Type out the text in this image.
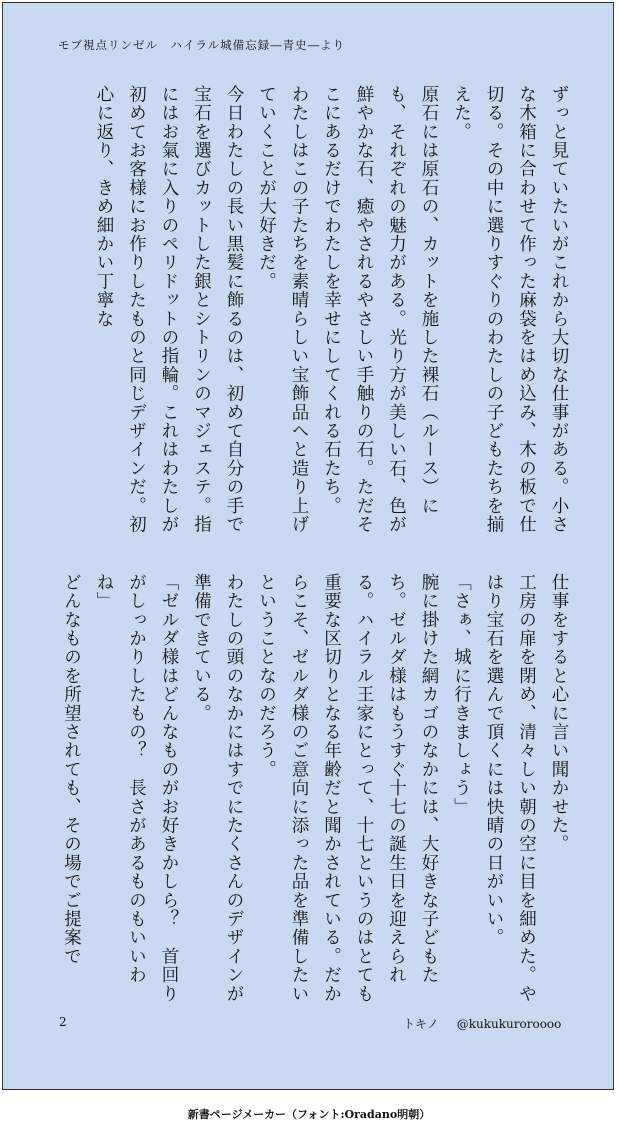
モブ視点リンゼル　ハイラル城備忘録―青史―より

ずっと見ていたいがこれから大切な仕事がある。小さな木箱に合わせて作った麻袋をはめ込み、木の板で仕切る。その中に選りすぐりのわたしの子どもたちを揃えた。

原石には原石の、カットを施した裸石（ルース）にも、それぞれの魅力がある。光り方が美しい石、色が鮮やかな石、癒やされるやさしい手触りの石。ただそこにあるだけでわたしを幸せにしてくれる石たち。

わたしはこの子たちを素晴らしい宝飾品へと造り上げていくことが大好きだ。

今日わたしの長い黒髪に飾るのは、初めて自分の手で宝石を選びカットした銀とシトリンのマジェステ。指にはお氣に入りのペリドットの指輪。これはわたしが初めてお客様にお作りしたものと同じデザインだ。初心に返り、きめ細かい丁寧な

仕事をすると心に言い聞かせた。

工房の扉を閉め、清々しい朝の空に目を細めた。やはり宝石を選んで頂くには快晴の日がいい。

「さぁ、城に行きましょう」

腕に掛けた網カゴのなかには、大好きな子どもたち。ゼルダ様はもうすぐ十七の誕生日を迎えられる。ハイラル王家にとって、十七というのはとても重要な区切りとなる年齢だと聞かされている。だからこそ、ゼルダ様のご意向に添った品を準備したいということなのだろう。

わたしの頭のなかにはすでにたくさんのデザインが準備できている。

「ゼルダ様はどんなものがお好きかしら？　首回りがしっかりしたもの？　長さがあるものもいいわね」

どんなものを所望されても、その場でご提案で

2	トキノ @kukukuroroooo
新書ページメーカー（フォント:Oradano明朝）
